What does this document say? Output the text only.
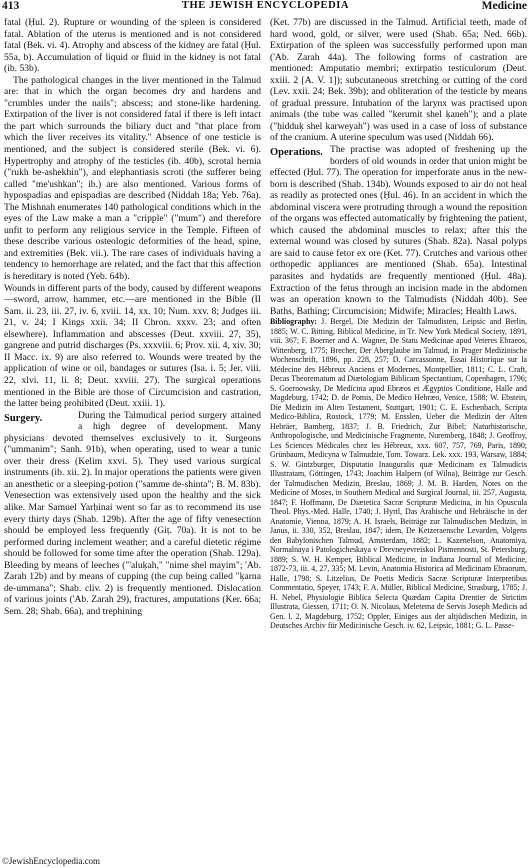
413	THE JEWISH ENCYCLOPEDIA	Medicine

fatal (Ḥul. 2). Rupture or wounding of the spleen is considered fatal. Ablation of the uterus is mentioned and is not considered fatal (Bek. vi. 4). Atrophy and abscess of the kidney are fatal (Ḥul. 55a, b). Accumulation of liquid or fluid in the kidney is not fatal (ib. 53b).

The pathological changes in the liver mentioned in the Talmud are: that in which the organ becomes dry and hardens and "crumbles under the nails"; abscess; and stone-like hardening. Extirpation of the liver is not considered fatal if there is left intact the part which surrounds the biliary duct and "that place from which the liver receives its vitality." Absence of one testicle is mentioned, and the subject is considered sterile (Bek. vi. 6). Hypertrophy and atrophy of the testicles (ib. 40b), scrotal hernia ("rukh be-ashekhin"), and elephantiasis scroti (the sufferer being called "me'ushkan"; ib.) are also mentioned. Various forms of hypospadias and epispadias are described (Niddah 18a; Yeb. 76a). The Mishnah enumerates 140 pathological conditions which in the eyes of the Law make a man a "cripple" ("mum") and therefore unfit to perform any religious service in the Temple. Fifteen of these describe various osteologic deformities of the head, spine, and extremities (Bek. vii.). The rare cases of individuals having a tendency to hemorrhage are related, and the fact that this affection is hereditary is noted (Yeb. 64b).

Wounds in different parts of the body, caused by different weapons—sword, arrow, hammer, etc.—are mentioned in the Bible (II Sam. ii. 23, iii. 27, iv. 6, xviii. 14, xx. 10; Num. xxv. 8; Judges iii. 21, v. 24; I Kings xxii. 34; II Chron. xxxv. 23; and often elsewhere). Inflammation and abscesses (Deut. xxviii. 27, 35), gangrene and putrid discharges (Ps. xxxviii. 6; Prov. xii. 4, xiv. 30; II Macc. ix. 9) are also referred to. Wounds were treated by the application of wine or oil, bandages or sutures (Isa. i. 5; Jer. viii. 22, xlvi. 11, li. 8; Deut. xxviii. 27). The surgical operations mentioned in the Bible are those of Circumcision and castration, the latter being prohibited (Deut. xxiii. 1).

Surgery.	During the Talmudical period surgery attained a high degree of development. Many physicians devoted themselves exclusively to it. Surgeons ("ummanim"; Sanh. 91b), when operating, used to wear a tunic over their dress (Kelim xxvi. 5). They used various surgical instruments (ib. xii. 2). In major operations the patients were given an anesthetic or a sleeping-potion ("samme de-shinta"; B. M. 83b). Venesection was extensively used upon the healthy and the sick alike. Mar Samuel Yarḥinai went so far as to recommend its use every thirty days (Shab. 129b). After the age of fifty venesection should be employed less frequently (Giṭ. 70a). It is not to be performed during inclement weather; and a careful dietetic régime should be followed for some time after the operation (Shab. 129a). Bleeding by means of leeches ("'aluḳah," "nime shel mayim"; 'Ab. Zarah 12b) and by means of cupping (the cup being called "ḳarna de-ummana"; Shab. cliv. 2) is frequently mentioned. Dislocation of various joints ('Ab. Zarah 29), fractures, amputations (Ker. 66a; Sem. 28; Shab. 66a), and trephining

(Ket. 77b) are discussed in the Talmud. Artificial teeth, made of hard wood, gold, or silver, were used (Shab. 65a; Ned. 66b). Extirpation of the spleen was successfully performed upon man ('Ab. Zarah 44a). The following forms of castration are mentioned: Amputatio membri; extirpatio testiculorum (Deut. xxiii. 2 [A. V. 1]); subcutaneous stretching or cutting of the cord (Lev. xxii. 24; Bek. 39b); and obliteration of the testicle by means of gradual pressure. Intubation of the larynx was practised upon animals (the tube was called "kerumit shel ḳaneh"); and a plate ("ḥidduḳ shel karweyah") was used in a case of loss of substance of the cranium. A uterine speculum was used (Niddah 66).

Operations. The practise was adopted of freshening up the borders of old wounds in order that union might be effected (Ḥul. 77). The operation for imperforate anus in the new-born is described (Shab. 134b). Wounds exposed to air do not heal as readily as protected ones (Ḥul. 46). In an accident in which the abdominal viscera were protruding through a wound the reposition of the organs was effected automatically by frightening the patient, which caused the abdominal muscles to relax; after this the external wound was closed by sutures (Shab. 82a). Nasal polyps are said to cause fetor ex ore (Ket. 77). Crutches and various other orthopedic appliances are mentioned (Shab. 65a). Intestinal parasites and hydatids are frequently mentioned (Ḥul. 48a). Extraction of the fetus through an incision made in the abdomen was an operation known to the Talmudists (Niddah 40b). See Baths, Bathing; Circumcision; Midwife; Miracles; Health Laws.

Bibliography: J. Bergel, Die Medizin der Talmudisten, Leipsic and Berlin, 1885; W. C. Bitting, Biblical Medicine, in Tr. New York Medical Society, 1891, viii. 367; F. Boerner and A. Wagner, De Statu Medicinae apud Veteres Ebraeos, Wittenberg, 1775; Brecher, Der Aberglaube im Talmud, in Prager Medizinische Wochenschrift, 1896, pp. 228, 257; D. Carcassonne, Essai Historique sur la Médecine des Hébreux Anciens et Modernes, Montpellier, 1811; C. L. Craft, Decas Theorematum ad Diætologiam Biblicam Spectantium, Copenhagen, 1796; S. Goernowsky, De Medicina apud Ebræos et Ægyptios Conditione, Halle and Magdeburg, 1742; D. de Pomis, De Medico Hebræo, Venice, 1588; W. Ebstein, Die Medizin im Alten Testament, Stuttgart, 1901; C. E. Eschenbach, Scripta Medico-Biblica, Rostock, 1779; M. Ensslen, Ueber die Medizin der Alten Hebräer, Bamberg, 1837; J. B. Friedrich, Zur Bibel; Naturhistorische, Anthropologische, und Medicinische Fragmente, Nuremberg, 1848; J. Geoffroy, Les Sciences Médicales chez les Hébreux, xxx. 607, 757, 769, Paris, 1890; Grünbaum, Medicyna w Talmudzie, Tom. Towarz. Lek. xxx. 193, Warsaw, 1884; S. W. Gintzburger, Disputatio Inauguralis quæ Medicinam ex Talmudicis Illustratam, Göttingen, 1743; Joachim Halpern (of Wilna), Beiträge zur Gesch. der Talmudischen Medizin, Breslau, 1869; J. M. B. Harden, Notes on the Medicine of Moses, in Southern Medical and Surgical Journal, iii. 257, Augusta, 1847; F. Hoffmann, De Diætetica Sacræ Scripturæ Medicina, in his Opuscula Theol. Phys.-Med. Halle, 1740; J. Hyrtl, Das Arabische und Hebräische in der Anatomie, Vienna, 1879; A. H. Israels, Beiträge zur Talmudischen Medizin, in Janus, ii. 330, 352, Breslau, 1847; idem, De Ketzeraensche Levarden, Volgens den Babylonischen Talmud, Amsterdam, 1882; L. Kazenelson, Anatomiya, Normalnaya i Patologicheskaya v Drevneyevreiskoi Pismennosti, St. Petersburg, 1889; S. W. H. Kemper, Biblical Medicine, in Indiana Journal of Medicine, 1872-73, iii. 4, 27, 335; M. Levin, Anatomia Historica ad Medicinam Ebraorum, Halle, 1798; S. Litzelius, De Poetis Medicis Sacræ Scripturæ Interpretibus Commentatio, Speyer, 1743; F. A. Müller, Biblical Medicine, Strasburg, 1785; J. H. Nebel, Physiologie Biblica Selecta Quædam Capita Drentier de Strictim Illustrata, Giessen, 1711; O. N. Nicolaus, Meletema de Servis Joseph Medicis ad Gen. l. 2, Magdeburg, 1752; Oppler, Einiges aus der altjüdischen Medizin, in Deutsches Archiv für Medicinische Gesch. iv. 62, Leipsic, 1881; G. L. Passe-

©JewishEncyclopedia.com
